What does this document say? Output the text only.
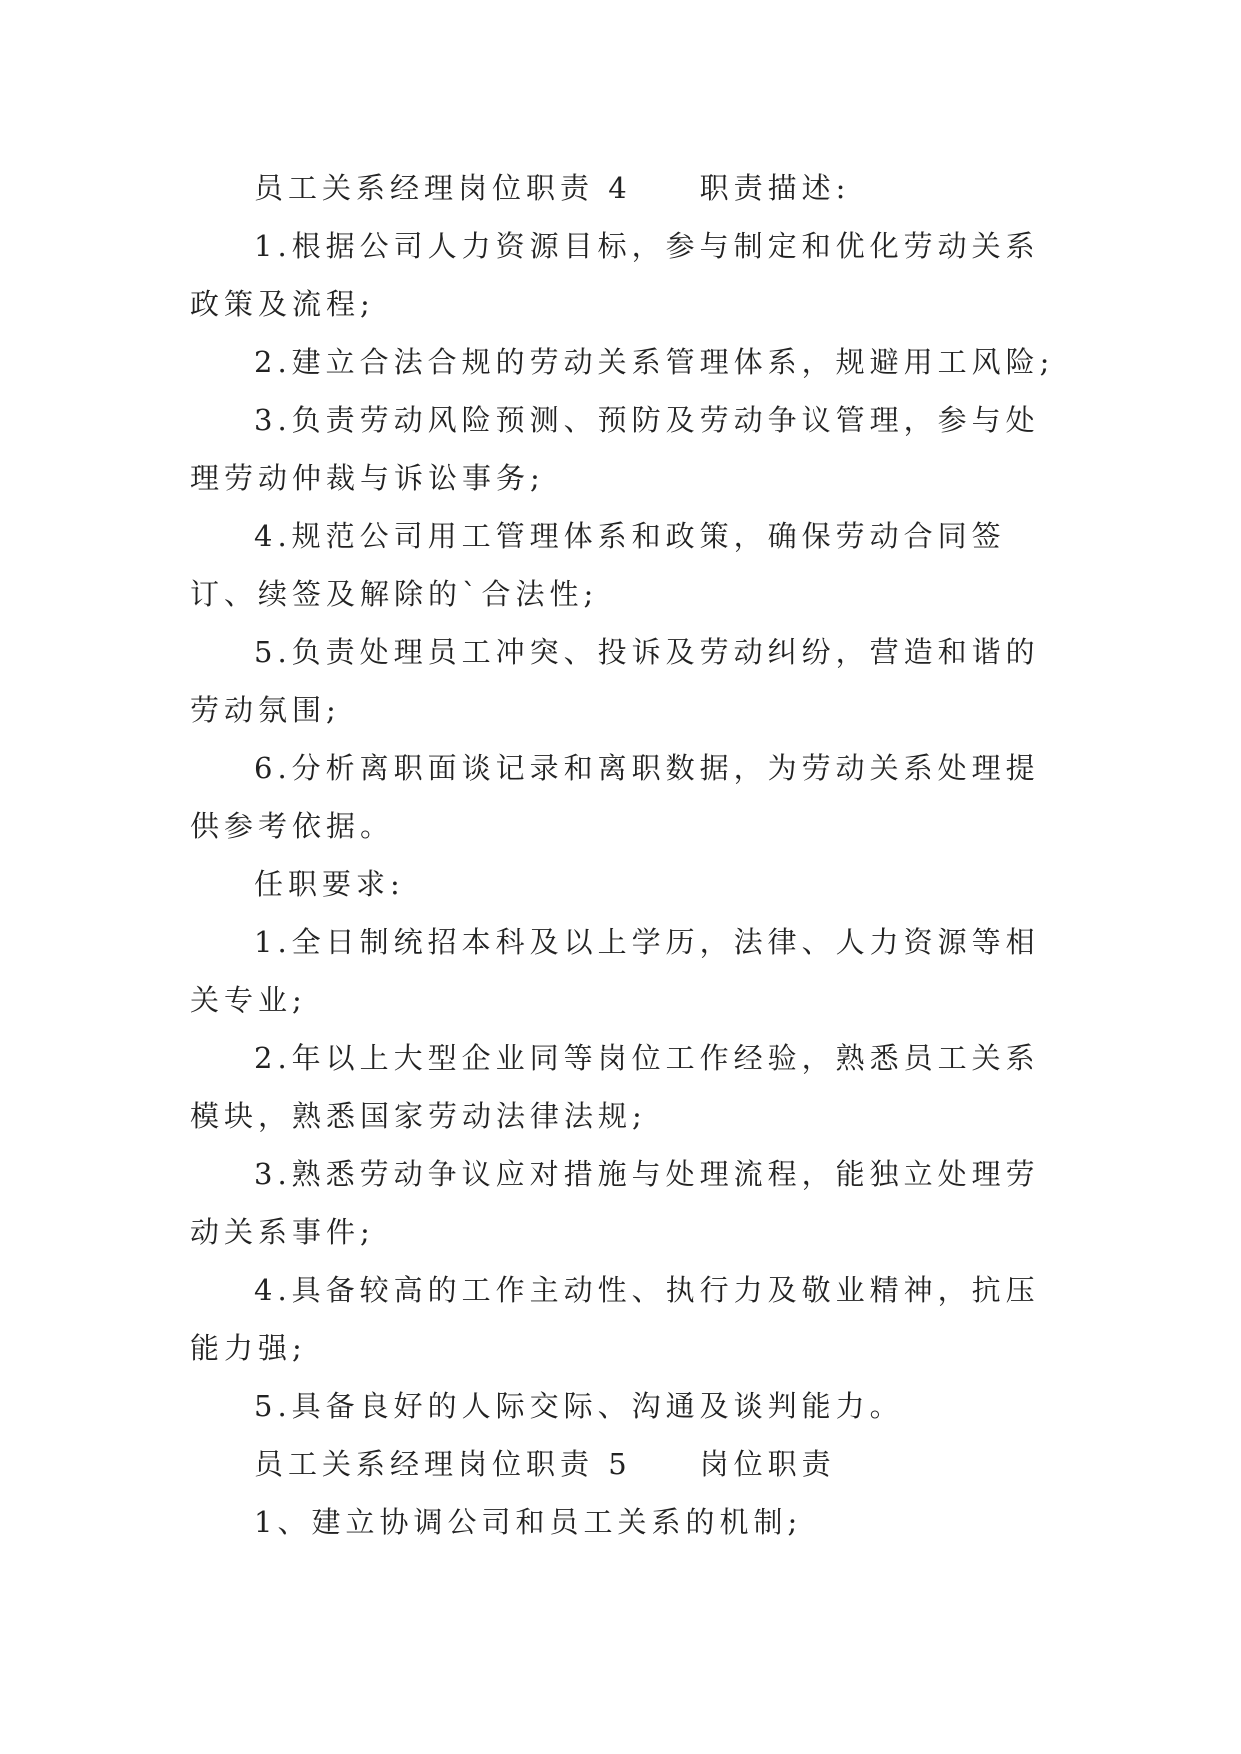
员工关系经理岗位职责 4　　职责描述:

1.根据公司人力资源目标，参与制定和优化劳动关系政策及流程;

2.建立合法合规的劳动关系管理体系，规避用工风险;

3.负责劳动风险预测、预防及劳动争议管理，参与处理劳动仲裁与诉讼事务;

4.规范公司用工管理体系和政策，确保劳动合同签订、续签及解除的`合法性;

5.负责处理员工冲突、投诉及劳动纠纷，营造和谐的劳动氛围;

6.分析离职面谈记录和离职数据，为劳动关系处理提供参考依据。

任职要求:

1.全日制统招本科及以上学历，法律、人力资源等相关专业;

2.年以上大型企业同等岗位工作经验，熟悉员工关系模块，熟悉国家劳动法律法规;

3.熟悉劳动争议应对措施与处理流程，能独立处理劳动关系事件;

4.具备较高的工作主动性、执行力及敬业精神，抗压能力强;

5.具备良好的人际交际、沟通及谈判能力。

员工关系经理岗位职责 5　　岗位职责

1、建立协调公司和员工关系的机制;
